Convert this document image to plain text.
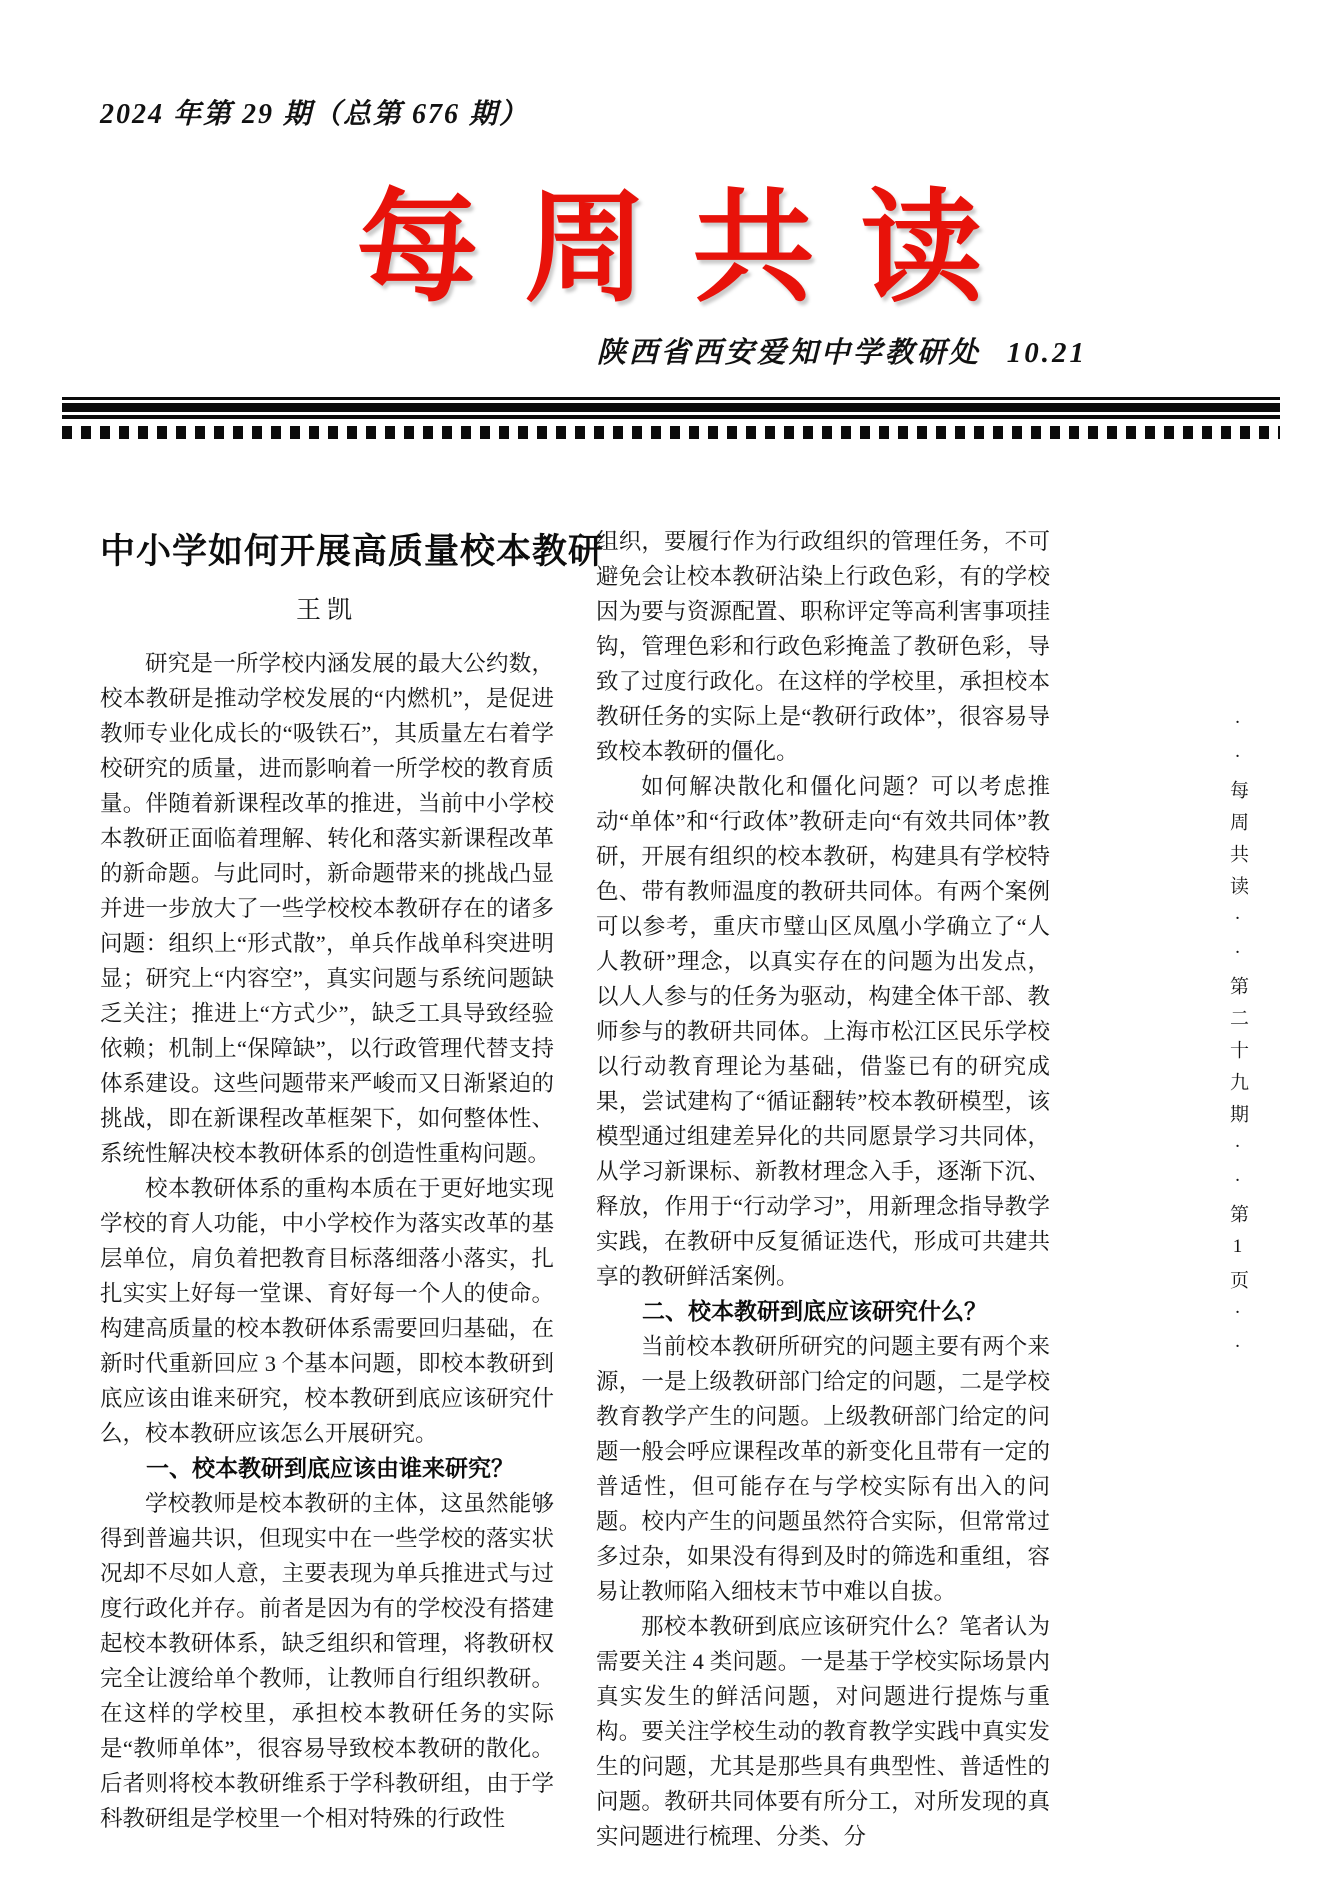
2024 年第 29 期（总第 676 期）
每周共读
陕西省西安爱知中学教研处 10.21
中小学如何开展高质量校本教研
王凯

研究是一所学校内涵发展的最大公约数，校本教研是推动学校发展的“内燃机”，是促进教师专业化成长的“吸铁石”，其质量左右着学校研究的质量，进而影响着一所学校的教育质量。伴随着新课程改革的推进，当前中小学校本教研正面临着理解、转化和落实新课程改革的新命题。与此同时，新命题带来的挑战凸显并进一步放大了一些学校校本教研存在的诸多问题：组织上“形式散”，单兵作战单科突进明显；研究上“内容空”，真实问题与系统问题缺乏关注；推进上“方式少”，缺乏工具导致经验依赖；机制上“保障缺”，以行政管理代替支持体系建设。这些问题带来严峻而又日渐紧迫的挑战，即在新课程改革框架下，如何整体性、系统性解决校本教研体系的创造性重构问题。

校本教研体系的重构本质在于更好地实现学校的育人功能，中小学校作为落实改革的基层单位，肩负着把教育目标落细落小落实，扎扎实实上好每一堂课、育好每一个人的使命。构建高质量的校本教研体系需要回归基础，在新时代重新回应 3 个基本问题，即校本教研到底应该由谁来研究，校本教研到底应该研究什么，校本教研应该怎么开展研究。

一、校本教研到底应该由谁来研究？

学校教师是校本教研的主体，这虽然能够得到普遍共识，但现实中在一些学校的落实状况却不尽如人意，主要表现为单兵推进式与过度行政化并存。前者是因为有的学校没有搭建起校本教研体系，缺乏组织和管理，将教研权完全让渡给单个教师，让教师自行组织教研。在这样的学校里，承担校本教研任务的实际是“教师单体”，很容易导致校本教研的散化。后者则将校本教研维系于学科教研组，由于学科教研组是学校里一个相对特殊的行政性

组织，要履行作为行政组织的管理任务，不可避免会让校本教研沾染上行政色彩，有的学校因为要与资源配置、职称评定等高利害事项挂钩，管理色彩和行政色彩掩盖了教研色彩，导致了过度行政化。在这样的学校里，承担校本教研任务的实际上是“教研行政体”，很容易导致校本教研的僵化。

如何解决散化和僵化问题？可以考虑推动“单体”和“行政体”教研走向“有效共同体”教研，开展有组织的校本教研，构建具有学校特色、带有教师温度的教研共同体。有两个案例可以参考，重庆市璧山区凤凰小学确立了“人人教研”理念，以真实存在的问题为出发点，以人人参与的任务为驱动，构建全体干部、教师参与的教研共同体。上海市松江区民乐学校以行动教育理论为基础，借鉴已有的研究成果，尝试建构了“循证翻转”校本教研模型，该模型通过组建差异化的共同愿景学习共同体，从学习新课标、新教材理念入手，逐渐下沉、释放，作用于“行动学习”，用新理念指导教学实践，在教研中反复循证迭代，形成可共建共享的教研鲜活案例。

二、校本教研到底应该研究什么？

当前校本教研所研究的问题主要有两个来源，一是上级教研部门给定的问题，二是学校教育教学产生的问题。上级教研部门给定的问题一般会呼应课程改革的新变化且带有一定的普适性，但可能存在与学校实际有出入的问题。校内产生的问题虽然符合实际，但常常过多过杂，如果没有得到及时的筛选和重组，容易让教师陷入细枝末节中难以自拔。

那校本教研到底应该研究什么？笔者认为需要关注 4 类问题。一是基于学校实际场景内真实发生的鲜活问题，对问题进行提炼与重构。要关注学校生动的教育教学实践中真实发生的问题，尤其是那些具有典型性、普适性的问题。教研共同体要有所分工，对所发现的真实问题进行梳理、分类、分

··每周共读··第二十九期··第1页··
